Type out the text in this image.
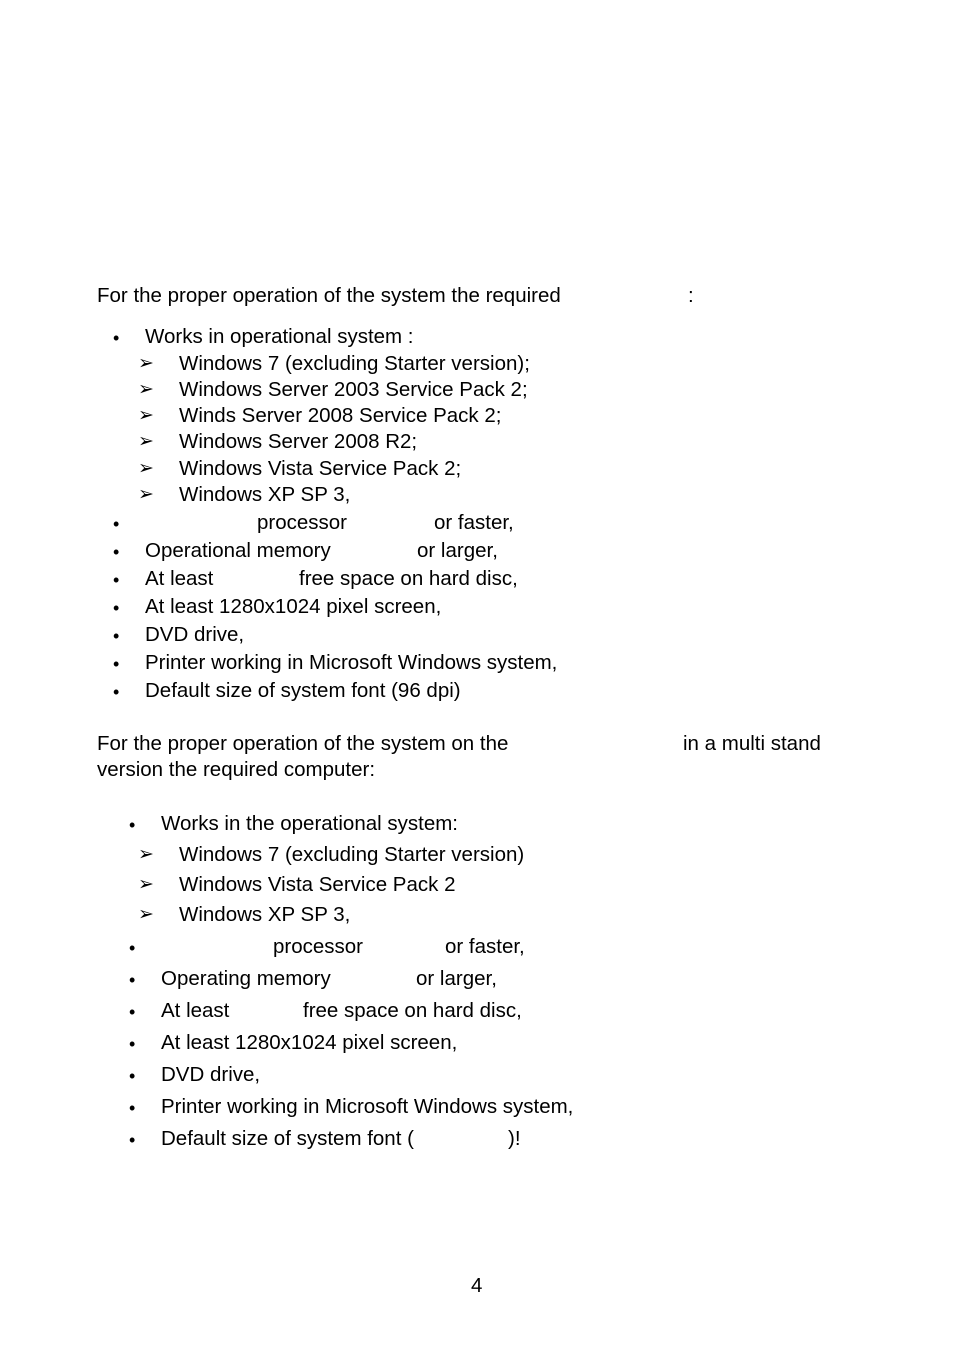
For the proper operation of the system the required	:
• Works in operational system :
➢ Windows 7 (excluding Starter version);
➢ Windows Server 2003 Service Pack 2;
➢ Winds Server 2008 Service Pack 2;
➢ Windows Server 2008 R2;
➢ Windows Vista Service Pack 2;
➢ Windows XP SP 3,
•	processor	or faster,
• Operational memory	or larger,
• At least	free space on hard disc,
• At least 1280x1024 pixel screen,
• DVD drive,
• Printer working in Microsoft Windows system,
• Default size of system font (96 dpi)
For the proper operation of the system on the	in a multi stand
version the required computer:
• Works in the operational system:
➢ Windows 7 (excluding Starter version)
➢ Windows Vista Service Pack 2
➢ Windows XP SP 3,
•	processor	or faster,
• Operating memory	or larger,
• At least	free space on hard disc,
• At least 1280x1024 pixel screen,
• DVD drive,
• Printer working in Microsoft Windows system,
• Default size of system font (	)!
4
